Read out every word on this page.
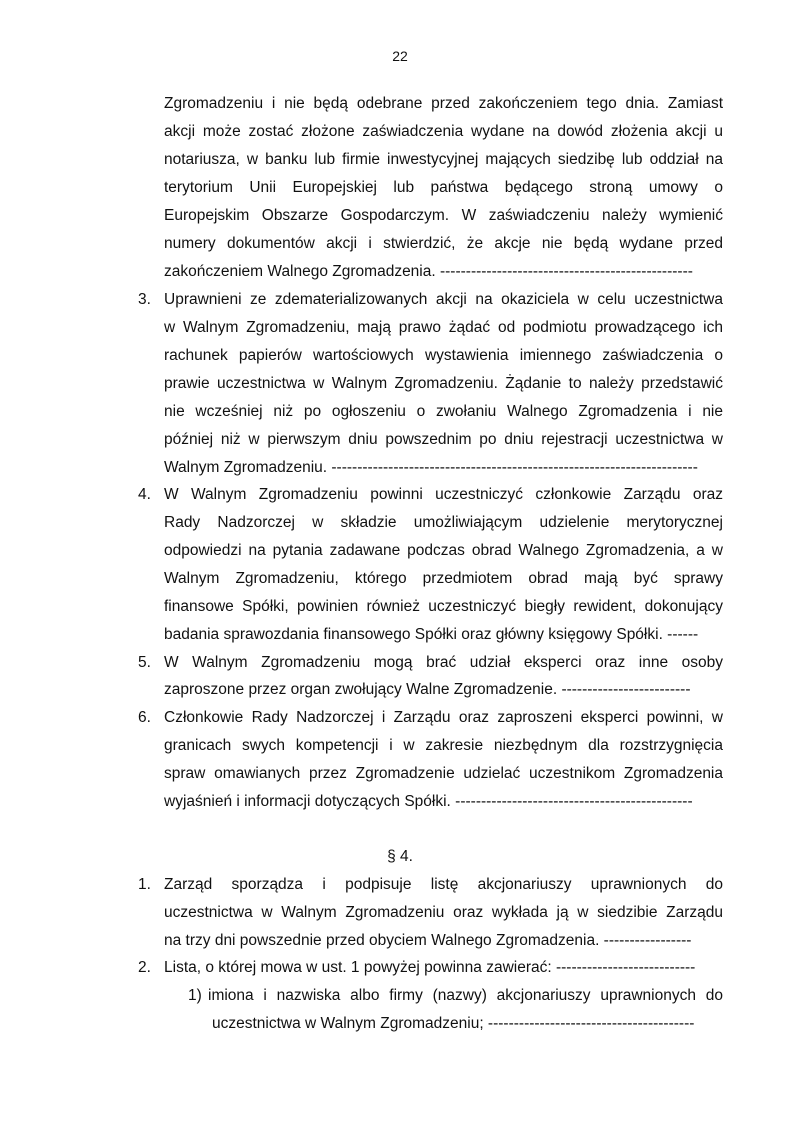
22
Zgromadzeniu i nie będą odebrane przed zakończeniem tego dnia. Zamiast
akcji może zostać złożone zaświadczenia wydane na dowód złożenia akcji u
notariusza, w banku lub firmie inwestycyjnej mających siedzibę lub oddział na
terytorium Unii Europejskiej lub państwa będącego stroną umowy o
Europejskim Obszarze Gospodarczym. W zaświadczeniu należy wymienić
numery dokumentów akcji i stwierdzić, że akcje nie będą wydane przed
zakończeniem Walnego Zgromadzenia. -------------------------------------------------
3. Uprawnieni ze zdematerializowanych akcji na okaziciela w celu uczestnictwa
w Walnym Zgromadzeniu, mają prawo żądać od podmiotu prowadzącego ich
rachunek papierów wartościowych wystawienia imiennego zaświadczenia o
prawie uczestnictwa w Walnym Zgromadzeniu. Żądanie to należy przedstawić
nie wcześniej niż po ogłoszeniu o zwołaniu Walnego Zgromadzenia i nie
później niż w pierwszym dniu powszednim po dniu rejestracji uczestnictwa w
Walnym Zgromadzeniu. -----------------------------------------------------------------------
4. W Walnym Zgromadzeniu powinni uczestniczyć członkowie Zarządu oraz
Rady Nadzorczej w składzie umożliwiającym udzielenie merytorycznej
odpowiedzi na pytania zadawane podczas obrad Walnego Zgromadzenia, a w
Walnym Zgromadzeniu, którego przedmiotem obrad mają być sprawy
finansowe Spółki, powinien również uczestniczyć biegły rewident, dokonujący
badania sprawozdania finansowego Spółki oraz główny księgowy Spółki. ------
5. W Walnym Zgromadzeniu mogą brać udział eksperci oraz inne osoby
zaproszone przez organ zwołujący Walne Zgromadzenie. -------------------------
6. Członkowie Rady Nadzorczej i Zarządu oraz zaproszeni eksperci powinni, w
granicach swych kompetencji i w zakresie niezbędnym dla rozstrzygnięcia
spraw omawianych przez Zgromadzenie udzielać uczestnikom Zgromadzenia
wyjaśnień i informacji dotyczących Spółki. ----------------------------------------------
§ 4.
1. Zarząd sporządza i podpisuje listę akcjonariuszy uprawnionych do
uczestnictwa w Walnym Zgromadzeniu oraz wykłada ją w siedzibie Zarządu
na trzy dni powszednie przed obyciem Walnego Zgromadzenia. -----------------
2. Lista, o której mowa w ust. 1 powyżej powinna zawierać: ---------------------------
1) imiona i nazwiska albo firmy (nazwy) akcjonariuszy uprawnionych do
uczestnictwa w Walnym Zgromadzeniu; ----------------------------------------
